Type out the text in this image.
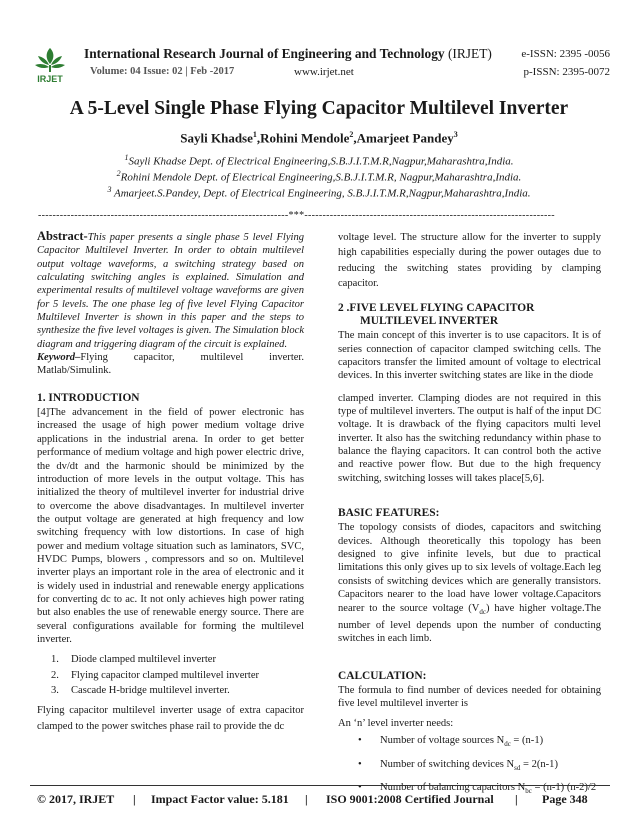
IRJET
International Research Journal of Engineering and Technology (IRJET)	e-ISSN: 2395 -0056
Volume: 04 Issue: 02 | Feb -2017	www.irjet.net	p-ISSN: 2395-0072
A 5-Level Single Phase Flying Capacitor Multilevel Inverter
Sayli Khadse$^1$,Rohini Mendole$^2$,Amarjeet Pandey$^3$
$^1$Sayli Khadse Dept. of Electrical Engineering,S.B.J.I.T.M.R,Nagpur,Maharashtra,India.
$^2$Rohini Mendole Dept. of Electrical Engineering,S.B.J.I.T.M.R, Nagpur,Maharashtra,India.
$^3$ Amarjeet.S.Pandey, Dept. of Electrical Engineering, S.B.J.I.T.M.R,Nagpur,Maharashtra,India.
---------------------------------------------------------------------***---------------------------------------------------------------------

Abstract-This paper presents a single phase 5 level Flying Capacitor Multilevel Inverter. In order to obtain multilevel output voltage waveforms, a switching strategy based on calculating switching angles is explained. Simulation and experimental results of multilevel voltage waveforms are given for 5 levels. The one phase leg of five level Flying Capacitor Multilevel Inverter is shown in this paper and the steps to synthesize the five level voltages is given. The Simulation block diagram and triggering diagram of the circuit is explained.

Keyword–Flying capacitor, multilevel inverter. Matlab/Simulink.

1. INTRODUCTION

[4]The advancement in the field of power electronic has increased the usage of high power medium voltage drive applications in the industrial arena. In order to get better performance of medium voltage and high power electric drive, the dv/dt and the harmonic should be minimized by the introduction of more levels in the output voltage. This has initialized the theory of multilevel inverter for industrial drive to overcome the above disadvantages. In multilevel inverter the output voltage are generated at high frequency and low switching frequency with low distortions. In case of high power and medium voltage situation such as laminators, SVC, HVDC Pumps, blowers , compressors and so on. Multilevel inverter plays an important role in the area of electronic and it is widely used in industrial and renewable energy applications for converting dc to ac. It not only achieves high power rating but also enables the use of renewable energy source. There are several configurations available for forming the multilevel inverter.

1.	Diode clamped multilevel inverter
2.	Flying capacitor clamped multilevel inverter
3.	Cascade H-bridge multilevel inverter.

Flying capacitor multilevel inverter usage of extra capacitor clamped to the power switches phase rail to provide the dc

voltage level. The structure allow for the inverter to supply high capabilities especially during the power outages due to reducing the switching states providing by clamping capacitor.

2 .FIVE LEVEL FLYING CAPACITOR MULTILEVEL INVERTER

The main concept of this inverter is to use capacitors. It is of series connection of capacitor clamped switching cells. The capacitors transfer the limited amount of voltage to electrical devices. In this inverter switching states are like in the diode

clamped inverter. Clamping diodes are not required in this type of multilevel inverters. The output is half of the input DC voltage. It is drawback of the flying capacitors multi level inverter. It also has the switching redundancy within phase to balance the flaying capacitors. It can control both the active and reactive power flow. But due to the high frequency switching, switching losses will takes place[5,6].

BASIC FEATURES:

The topology consists of diodes, capacitors and switching devices. Although theoretically this topology has been designed to give infinite levels, but due to practical limitations this only gives up to six levels of voltage.Each leg consists of switching devices which are generally transistors. Capacitors nearer to the load have lower voltage.Capacitors nearer to the source voltage $(V_{dc})$ have higher voltage.The number of level depends upon the number of conducting switches in each limb.

CALCULATION:

The formula to find number of devices needed for obtaining five level multilevel inverter is

An ‘n’ level inverter needs:

•	Number of voltage sources $N_{dc} = (n-1)$
•	Number of switching devices $N_{sd} = 2(n-1)$
•	Number of balancing capacitors $N_{bc} = (n-1)$ (n-2)/2
© 2017, IRJET | Impact Factor value: 5.181 | ISO 9001:2008 Certified Journal | Page 348
